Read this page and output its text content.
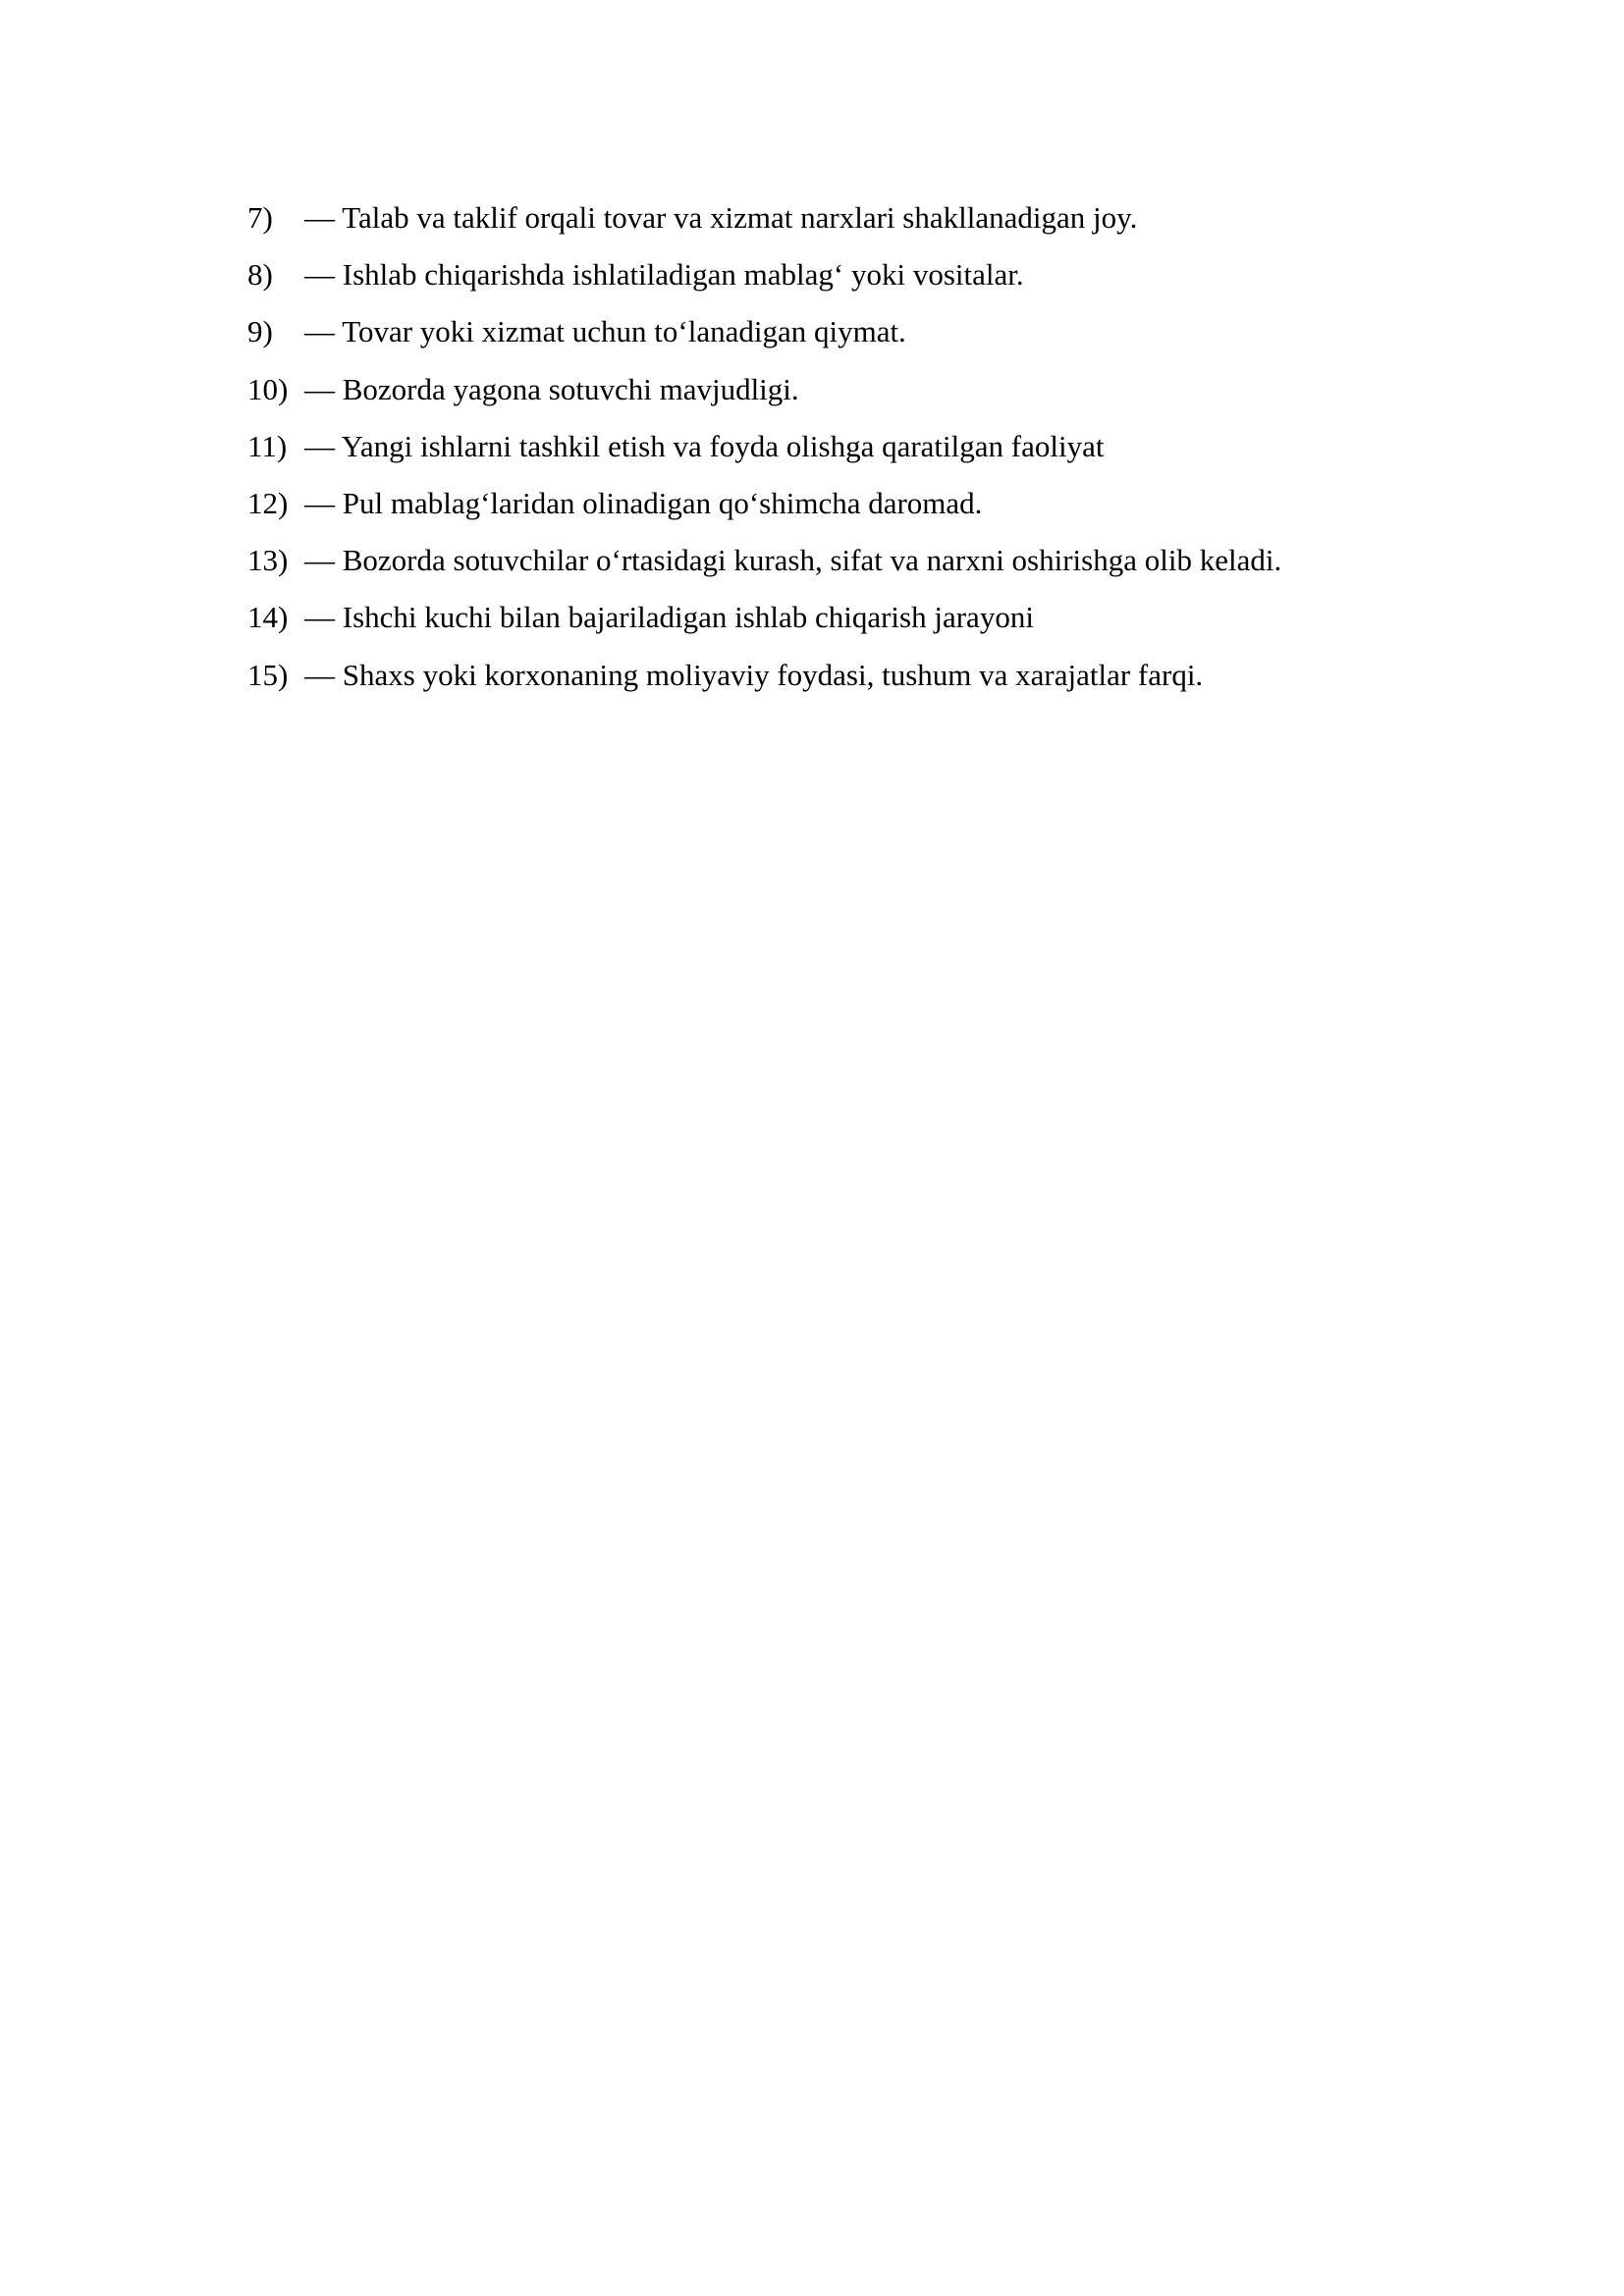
7)	— Talab va taklif orqali tovar va xizmat narxlari shakllanadigan joy.
8)	— Ishlab chiqarishda ishlatiladigan mablag‘ yoki vositalar.
9)	— Tovar yoki xizmat uchun to‘lanadigan qiymat.
10) — Bozorda yagona sotuvchi mavjudligi.
11) — Yangi ishlarni tashkil etish va foyda olishga qaratilgan faoliyat
12) — Pul mablag‘laridan olinadigan qo‘shimcha daromad.
13) — Bozorda sotuvchilar o‘rtasidagi kurash, sifat va narxni oshirishga olib keladi.
14) — Ishchi kuchi bilan bajariladigan ishlab chiqarish jarayoni
15) — Shaxs yoki korxonaning moliyaviy foydasi, tushum va xarajatlar farqi.
